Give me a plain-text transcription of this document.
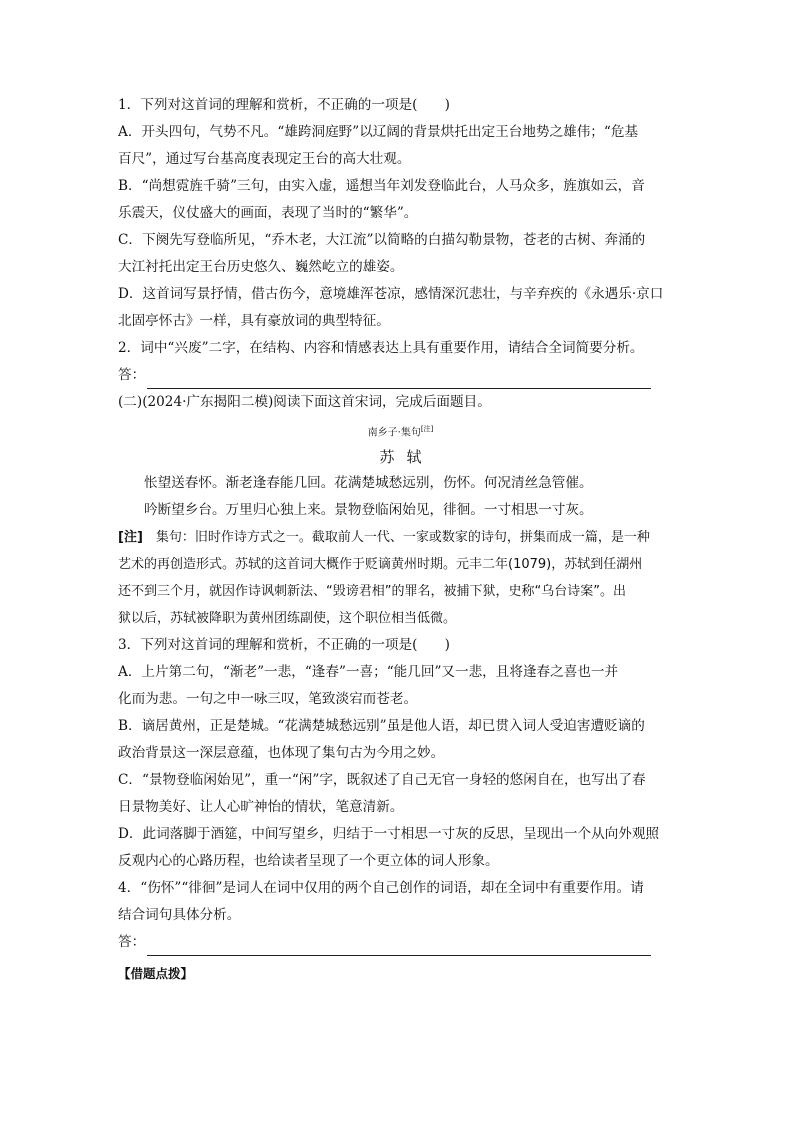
1．下列对这首词的理解和赏析，不正确的一项是(　　)
A．开头四句，气势不凡。“雄跨洞庭野”以辽阔的背景烘托出定王台地势之雄伟；“危基
百尺”，通过写台基高度表现定王台的高大壮观。
B．“尚想霓旌千骑”三句，由实入虚，遥想当年刘发登临此台，人马众多，旌旗如云，音
乐震天，仪仗盛大的画面，表现了当时的“繁华”。
C．下阕先写登临所见，“乔木老，大江流”以简略的白描勾勒景物，苍老的古树、奔涌的
大江衬托出定王台历史悠久、巍然屹立的雄姿。
D．这首词写景抒情，借古伤今，意境雄浑苍凉，感情深沉悲壮，与辛弃疾的《永遇乐·京口
北固亭怀古》一样，具有豪放词的典型特征。
2．词中“兴废”二字，在结构、内容和情感表达上具有重要作用，请结合全词简要分析。
答：
(二)(2024·广东揭阳二模)阅读下面这首宋词，完成后面题目。
南乡子·集句[注]
苏轼
怅望送春怀。渐老逢春能几回。花满楚城愁远别，伤怀。何况清丝急管催。
吟断望乡台。万里归心独上来。景物登临闲始见，徘徊。一寸相思一寸灰。
[注]　集句：旧时作诗方式之一。截取前人一代、一家或数家的诗句，拼集而成一篇，是一种
艺术的再创造形式。苏轼的这首词大概作于贬谪黄州时期。元丰二年(1079)，苏轼到任湖州
还不到三个月，就因作诗讽刺新法、“毁谤君相”的罪名，被捕下狱，史称“乌台诗案”。出
狱以后，苏轼被降职为黄州团练副使，这个职位相当低微。
3．下列对这首词的理解和赏析，不正确的一项是(　　)
A．上片第二句，“渐老”一悲，“逢春”一喜；“能几回”又一悲，且将逢春之喜也一并
化而为悲。一句之中一咏三叹，笔致淡宕而苍老。
B．谪居黄州，正是楚城。“花满楚城愁远别”虽是他人语，却已贯入词人受迫害遭贬谪的
政治背景这一深层意蕴，也体现了集句古为今用之妙。
C．“景物登临闲始见”，重一“闲”字，既叙述了自己无官一身轻的悠闲自在，也写出了春
日景物美好、让人心旷神怡的情状，笔意清新。
D．此词落脚于酒筵，中间写望乡，归结于一寸相思一寸灰的反思，呈现出一个从向外观照
反观内心的心路历程，也给读者呈现了一个更立体的词人形象。
4．“伤怀”“徘徊”是词人在词中仅用的两个自己创作的词语，却在全词中有重要作用。请
结合词句具体分析。
答：
【借题点拨】
